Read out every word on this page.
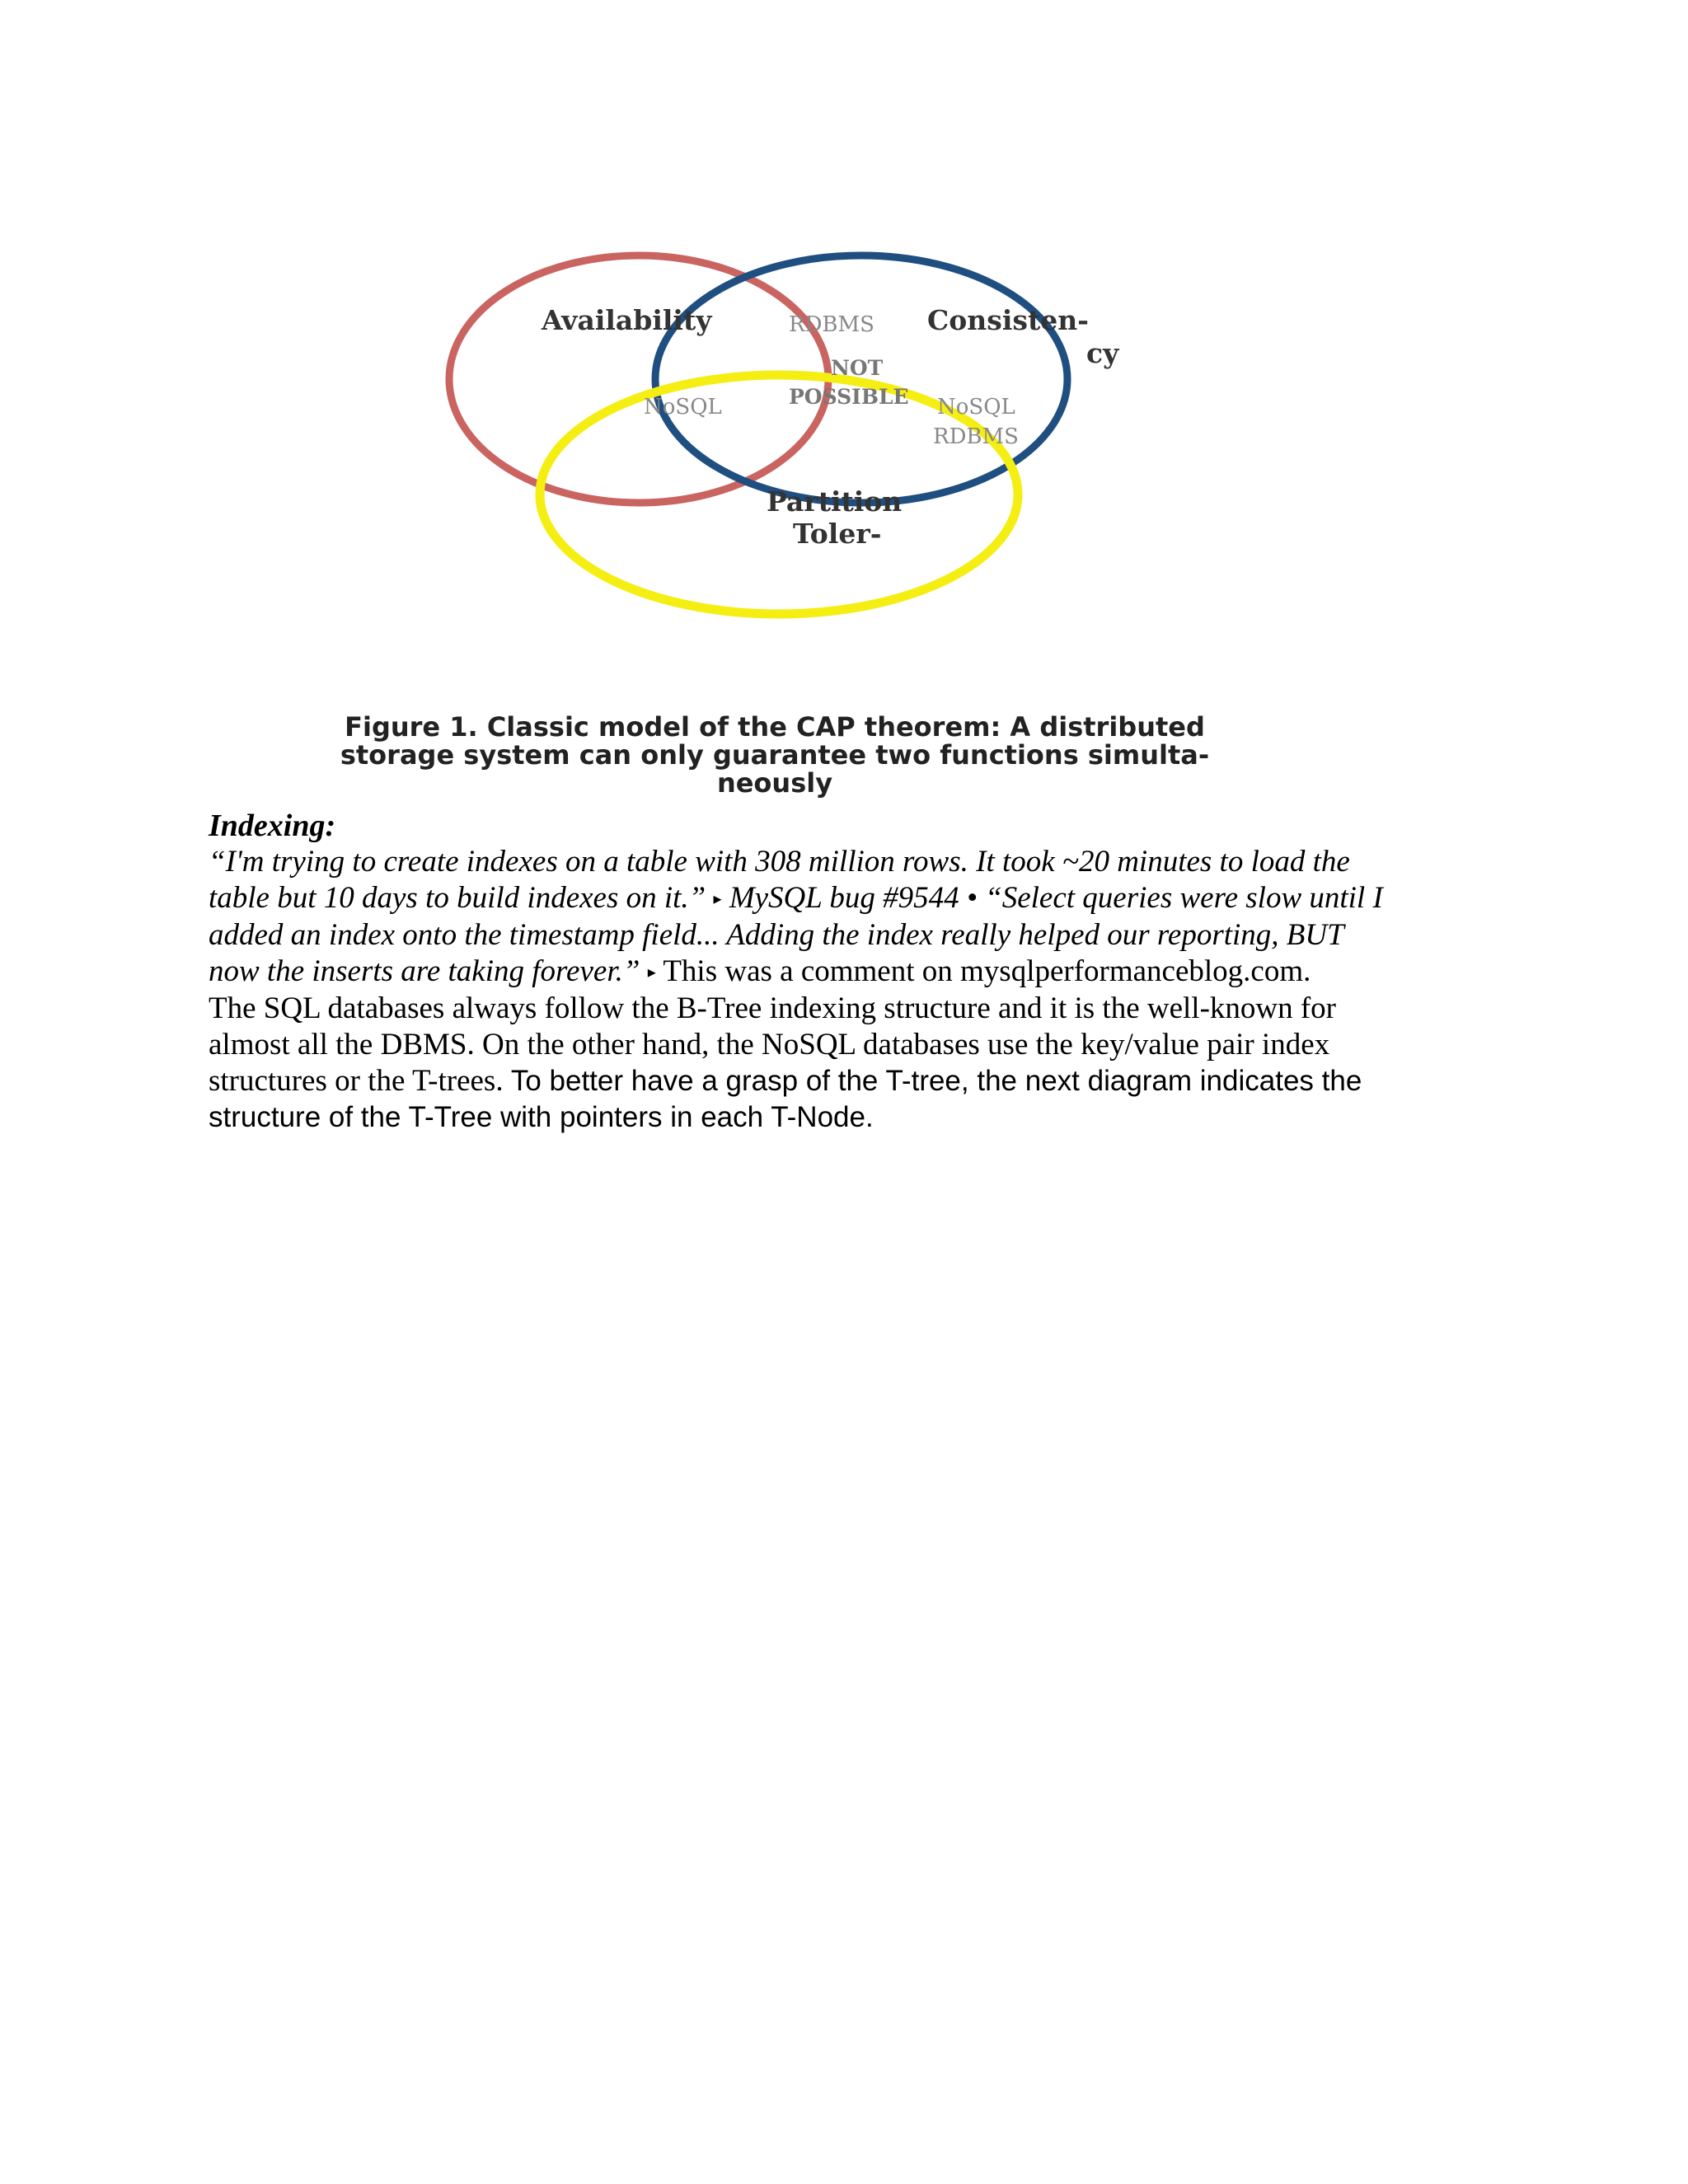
Availability	Consisten-
cy
Partition
Toler-
RDBMS
NOT
POSSIBLE
NoSQL	NoSQL
RDBMS
Figure 1. Classic model of the CAP theorem: A distributed
storage system can only guarantee two functions simulta-
neously

Indexing:

“I'm trying to create indexes on a table with 308 million rows. It took ~20 minutes to load the
table but 10 days to build indexes on it.” ▸ MySQL bug #9544 • “Select queries were slow until I
added an index onto the timestamp field... Adding the index really helped our reporting, BUT
now the inserts are taking forever.” ▸ This was a comment on mysqlperformanceblog.com.
The SQL databases always follow the B-Tree indexing structure and it is the well-known for
almost all the DBMS. On the other hand, the NoSQL databases use the key/value pair index
structures or the T-trees. To better have a grasp of the T-tree, the next diagram indicates the
structure of the T-Tree with pointers in each T-Node.
